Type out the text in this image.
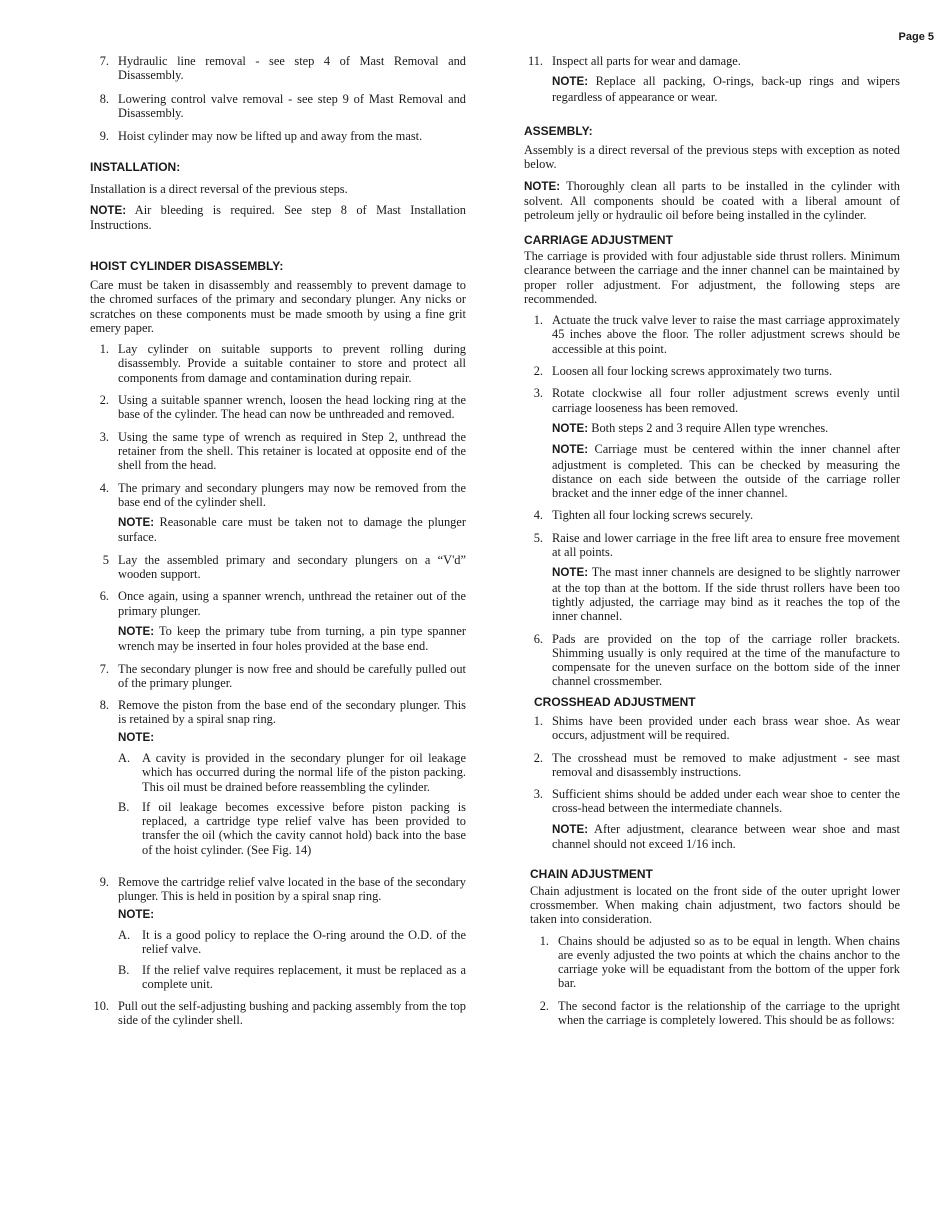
Page 5
7. Hydraulic line removal - see step 4 of Mast Removal and Disassembly.
8. Lowering control valve removal - see step 9 of Mast Removal and Disassembly.
9. Hoist cylinder may now be lifted up and away from the mast.
INSTALLATION:

Installation is a direct reversal of the previous steps.

NOTE: Air bleeding is required. See step 8 of Mast Installation Instructions.

HOIST CYLINDER DISASSEMBLY:

Care must be taken in disassembly and reassembly to prevent damage to the chromed surfaces of the primary and secondary plunger. Any nicks or scratches on these components must be made smooth by using a fine grit emery paper.

1. Lay cylinder on suitable supports to prevent rolling during disassembly. Provide a suitable container to store and protect all components from damage and contamination during repair.
2. Using a suitable spanner wrench, loosen the head locking ring at the base of the cylinder. The head can now be unthreaded and removed.
3. Using the same type of wrench as required in Step 2, unthread the retainer from the shell. This retainer is located at opposite end of the shell from the head.
4. The primary and secondary plungers may now be removed from the base end of the cylinder shell.
NOTE: Reasonable care must be taken not to damage the plunger surface.
5 Lay the assembled primary and secondary plungers on a “V'd” wooden support.
6. Once again, using a spanner wrench, unthread the retainer out of the primary plunger.
NOTE: To keep the primary tube from turning, a pin type spanner wrench may be inserted in four holes provided at the base end.
7. The secondary plunger is now free and should be carefully pulled out of the primary plunger.
8. Remove the piston from the base end of the secondary plunger. This is retained by a spiral snap ring.
NOTE:
A. A cavity is provided in the secondary plunger for oil leakage which has occurred during the normal life of the piston packing. This oil must be drained before reassembling the cylinder.
B.	If oil leakage becomes excessive before piston packing is replaced, a cartridge type relief valve has been provided to transfer the oil (which the cavity cannot hold) back into the base of the hoist cylinder. (See Fig. 14)
9. Remove the cartridge relief valve located in the base of the secondary plunger. This is held in position by a spiral snap ring.
NOTE:
A. It is a good policy to replace the O-ring around the O.D. of the relief valve.
B.	If the relief valve requires replacement, it must be replaced as a complete unit.
10. Pull out the self-adjusting bushing and packing assembly from the top side of the cylinder shell.
11. Inspect all parts for wear and damage.
NOTE: Replace all packing, O-rings, back-up rings and wipers regardless of appearance or wear.
ASSEMBLY:

Assembly is a direct reversal of the previous steps with exception as noted below.

NOTE: Thoroughly clean all parts to be installed in the cylinder with solvent. All components should be coated with a liberal amount of petroleum jelly or hydraulic oil before being installed in the cylinder.

CARRIAGE ADJUSTMENT

The carriage is provided with four adjustable side thrust rollers. Minimum clearance between the carriage and the inner channel can be maintained by proper roller adjustment. For adjustment, the following steps are recommended.

1. Actuate the truck valve lever to raise the mast carriage approximately 45 inches above the floor. The roller adjustment screws should be accessible at this point.
2. Loosen all four locking screws approximately two turns.
3. Rotate clockwise all four roller adjustment screws evenly until carriage looseness has been removed.
NOTE: Both steps 2 and 3 require Allen type wrenches.
NOTE: Carriage must be centered within the inner channel after adjustment is completed. This can be checked by measuring the distance on each side between the outside of the carriage roller bracket and the inner edge of the inner channel.
4. Tighten all four locking screws securely.
5. Raise and lower carriage in the free lift area to ensure free movement at all points.
NOTE: The mast inner channels are designed to be slightly narrower at the top than at the bottom. If the side thrust rollers have been too tightly adjusted, the carriage may bind as it reaches the top of the inner channel.
6. Pads are provided on the top of the carriage roller brackets. Shimming usually is only required at the time of the manufacture to compensate for the uneven surface on the bottom side of the inner channel crossmember.
CROSSHEAD ADJUSTMENT
1. Shims have been provided under each brass wear shoe. As wear occurs, adjustment will be required.
2. The crosshead must be removed to make adjustment - see mast removal and disassembly instructions.
3. Sufficient shims should be added under each wear shoe to center the cross-head between the intermediate channels.
NOTE: After adjustment, clearance between wear shoe and mast channel should not exceed 1/16 inch.
CHAIN ADJUSTMENT

Chain adjustment is located on the front side of the outer upright lower crossmember. When making chain adjustment, two factors should be taken into consideration.

1. Chains should be adjusted so as to be equal in length. When chains are evenly adjusted the two points at which the chains anchor to the carriage yoke will be equadistant from the bottom of the upper fork bar.
2. The second factor is the relationship of the carriage to the upright when the carriage is completely lowered. This should be as follows:
